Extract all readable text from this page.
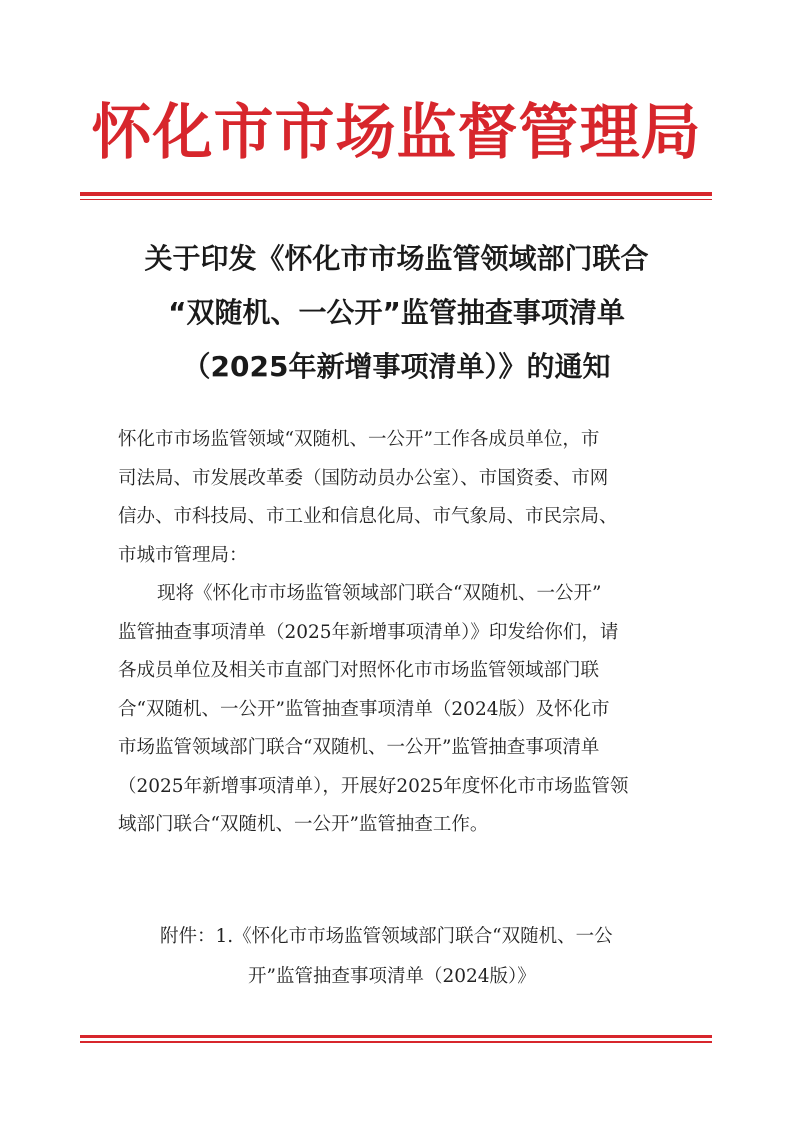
怀化市市场监督管理局
关于印发《怀化市市场监管领域部门联合
“双随机、一公开”监管抽查事项清单
（2025年新增事项清单）》的通知
怀化市市场监管领域“双随机、一公开”工作各成员单位，市
司法局、市发展改革委（国防动员办公室）、市国资委、市网
信办、市科技局、市工业和信息化局、市气象局、市民宗局、
市城市管理局：
现将《怀化市市场监管领域部门联合“双随机、一公开”
监管抽查事项清单（2025年新增事项清单）》印发给你们，请
各成员单位及相关市直部门对照怀化市市场监管领域部门联
合“双随机、一公开”监管抽查事项清单（2024版）及怀化市
市场监管领域部门联合“双随机、一公开”监管抽查事项清单
（2025年新增事项清单），开展好2025年度怀化市市场监管领
域部门联合“双随机、一公开”监管抽查工作。
附件：1.《怀化市市场监管领域部门联合“双随机、一公
开”监管抽查事项清单（2024版）》
